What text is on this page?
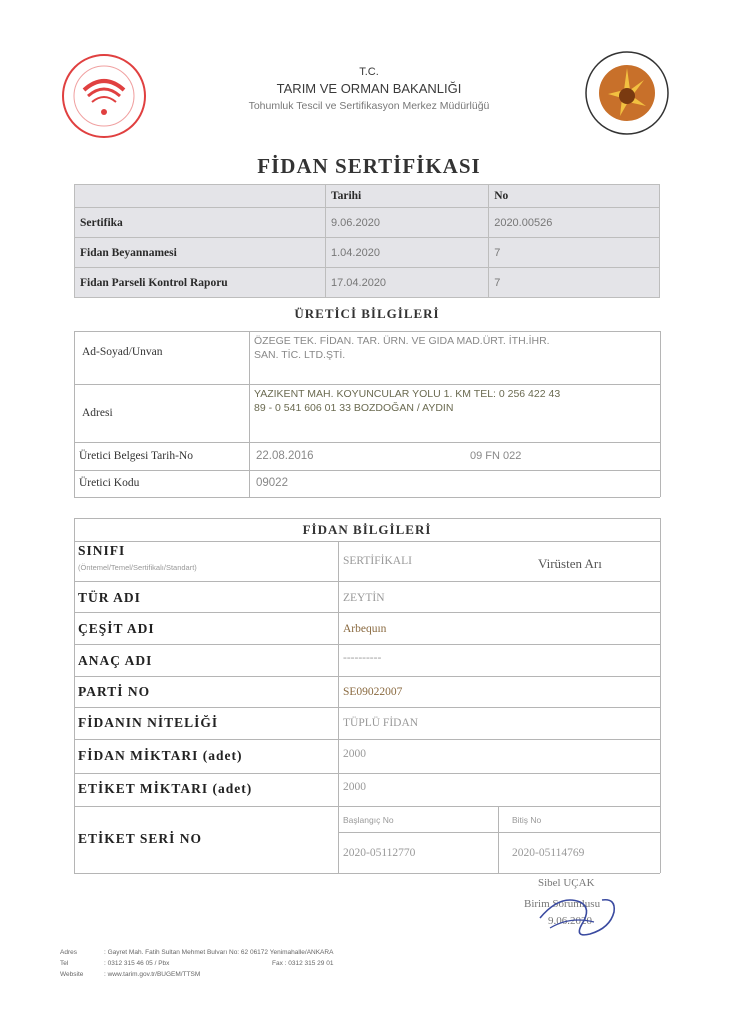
T.C.
TARIM VE ORMAN BAKANLIĞI
Tohumluk Tescil ve Sertifikasyon Merkez Müdürlüğü
FİDAN SERTİFİKASI
	Tarihi	No
Sertifika	9.06.2020	2020.00526
Fidan Beyannamesi	1.04.2020	7
Fidan Parseli Kontrol Raporu	17.04.2020	7
ÜRETİCİ BİLGİLERİ
Ad-Soyad/Unvan
ÖZEGE TEK. FİDAN. TAR. ÜRN. VE GIDA MAD.ÜRT. İTH.İHR.
SAN. TİC. LTD.ŞTİ.
Adresi
YAZIKENT MAH. KOYUNCULAR YOLU 1. KM TEL: 0 256 422 43
89 - 0 541 606 01 33 BOZDOĞAN / AYDIN
Üretici Belgesi Tarih-No	22.08.2016	09 FN 022
Üretici Kodu	09022
FİDAN BİLGİLERİ
SINIFI
(Öntemel/Temel/Sertifikalı/Standart)
SERTİFİKALI	Virüsten Arı
TÜR ADI	ZEYTİN
ÇEŞİT ADI	Arbequın
ANAÇ ADI	----------
PARTİ NO	SE09022007
FİDANIN NİTELİĞİ	TÜPLÜ FİDAN
FİDAN MİKTARI (adet)	2000
ETİKET MİKTARI (adet)	2000
ETİKET SERİ NO
Başlangıç No	Bitiş No
2020-05112770	2020-05114769
Sibel UÇAK
Birim Sorumlusu
9.06.2020
Adres	: Gayret Mah. Fatih Sultan Mehmet Bulvarı No: 62 06172 Yenimahalle/ANKARA
Tel	: 0312 315 46 05 / Pbx	Fax : 0312 315 29 01
Website	: www.tarim.gov.tr/BUGEM/TTSM
